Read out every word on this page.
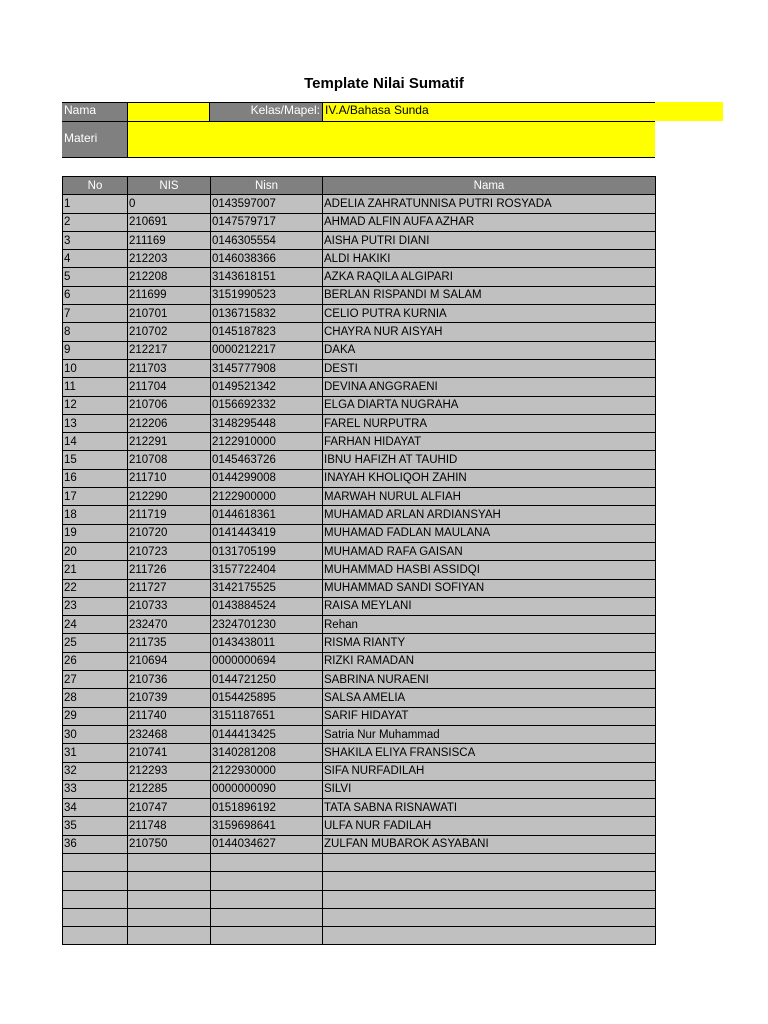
Template Nilai Sumatif
Nama	Kelas/Mapel: IV.A/Bahasa Sunda
Materi
No	NIS	Nisn	Nama
1	0	0143597007	ADELIA ZAHRATUNNISA PUTRI ROSYADA
2	210691	0147579717	AHMAD ALFIN AUFA AZHAR
3	211169	0146305554	AISHA PUTRI DIANI
4	212203	0146038366	ALDI HAKIKI
5	212208	3143618151	AZKA RAQILA ALGIPARI
6	211699	3151990523	BERLAN RISPANDI M SALAM
7	210701	0136715832	CELIO PUTRA KURNIA
8	210702	0145187823	CHAYRA NUR AISYAH
9	212217	0000212217	DAKA
10	211703	3145777908	DESTI
11	211704	0149521342	DEVINA ANGGRAENI
12	210706	0156692332	ELGA DIARTA NUGRAHA
13	212206	3148295448	FAREL NURPUTRA
14	212291	2122910000	FARHAN HIDAYAT
15	210708	0145463726	IBNU HAFIZH AT TAUHID
16	211710	0144299008	INAYAH KHOLIQOH ZAHIN
17	212290	2122900000	MARWAH NURUL ALFIAH
18	211719	0144618361	MUHAMAD ARLAN ARDIANSYAH
19	210720	0141443419	MUHAMAD FADLAN MAULANA
20	210723	0131705199	MUHAMAD RAFA GAISAN
21	211726	3157722404	MUHAMMAD HASBI ASSIDQI
22	211727	3142175525	MUHAMMAD SANDI SOFIYAN
23	210733	0143884524	RAISA MEYLANI
24	232470	2324701230	Rehan
25	211735	0143438011	RISMA RIANTY
26	210694	0000000694	RIZKI RAMADAN
27	210736	0144721250	SABRINA NURAENI
28	210739	0154425895	SALSA AMELIA
29	211740	3151187651	SARIF HIDAYAT
30	232468	0144413425	Satria Nur Muhammad
31	210741	3140281208	SHAKILA ELIYA FRANSISCA
32	212293	2122930000	SIFA NURFADILAH
33	212285	0000000090	SILVI
34	210747	0151896192	TATA SABNA RISNAWATI
35	211748	3159698641	ULFA NUR FADILAH
36	210750	0144034627	ZULFAN MUBAROK ASYABANI
